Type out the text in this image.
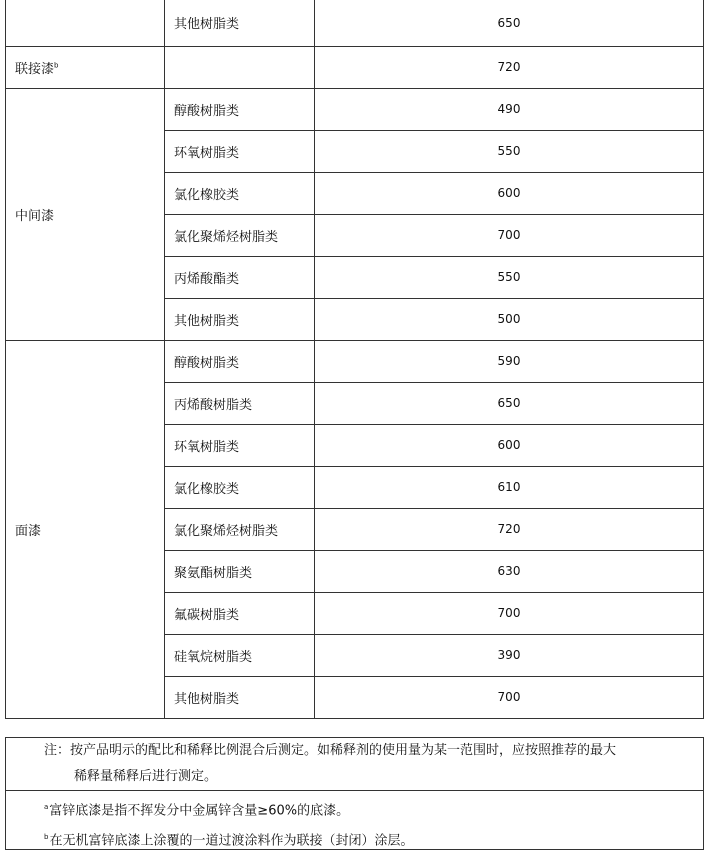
	其他树脂类	650
联接漆$^b$		720
中间漆	醇酸树脂类	490
	环氧树脂类	550
	氯化橡胶类	600
	氯化聚烯烃树脂类	700
	丙烯酸酯类	550
	其他树脂类	500
面漆	醇酸树脂类	590
	丙烯酸树脂类	650
	环氧树脂类	600
	氯化橡胶类	610
	氯化聚烯烃树脂类	720
	聚氨酯树脂类	630
	氟碳树脂类	700
	硅氧烷树脂类	390
	其他树脂类	700
注：按产品明示的配比和稀释比例混合后测定。如稀释剂的使用量为某一范围时，应按照推荐的最大
稀释量稀释后进行测定。
$^a$富锌底漆是指不挥发分中金属锌含量≥60%的底漆。
$^b$在无机富锌底漆上涂覆的一道过渡涂料作为联接（封闭）涂层。
